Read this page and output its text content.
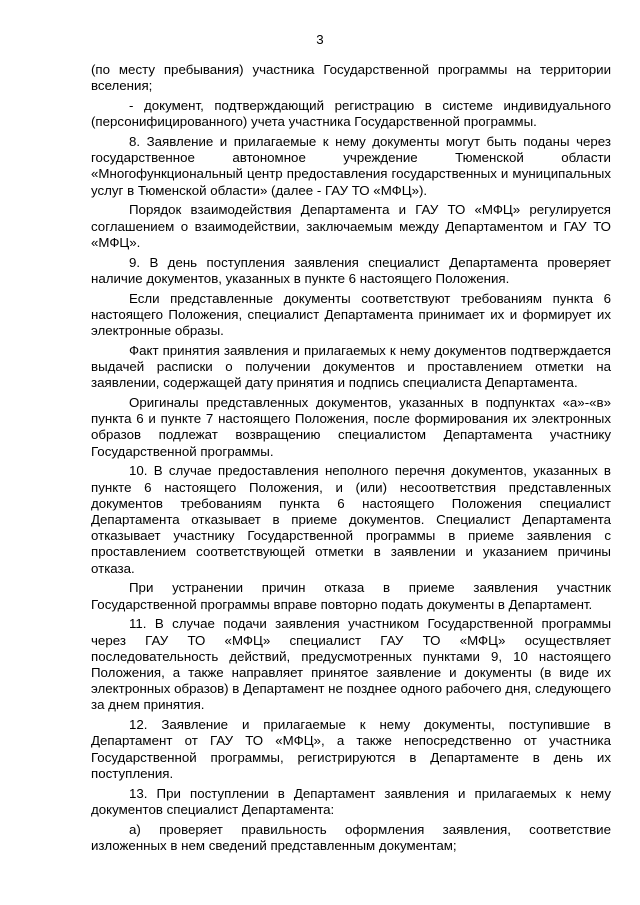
3

(по месту пребывания) участника Государственной программы на территории вселения;

- документ, подтверждающий регистрацию в системе индивидуального (персонифицированного) учета участника Государственной программы.

8. Заявление и прилагаемые к нему документы могут быть поданы через государственное автономное учреждение Тюменской области «Многофункциональный центр предоставления государственных и муниципальных услуг в Тюменской области» (далее - ГАУ ТО «МФЦ»).

Порядок взаимодействия Департамента и ГАУ ТО «МФЦ» регулируется соглашением о взаимодействии, заключаемым между Департаментом и ГАУ ТО «МФЦ».

9. В день поступления заявления специалист Департамента проверяет наличие документов, указанных в пункте 6 настоящего Положения.

Если представленные документы соответствуют требованиям пункта 6 настоящего Положения, специалист Департамента принимает их и формирует их электронные образы.

Факт принятия заявления и прилагаемых к нему документов подтверждается выдачей расписки о получении документов и проставлением отметки на заявлении, содержащей дату принятия и подпись специалиста Департамента.

Оригиналы представленных документов, указанных в подпунктах «а»-«в» пункта 6 и пункте 7 настоящего Положения, после формирования их электронных образов подлежат возвращению специалистом Департамента участнику Государственной программы.

10. В случае предоставления неполного перечня документов, указанных в пункте 6 настоящего Положения, и (или) несоответствия представленных документов требованиям пункта 6 настоящего Положения специалист Департамента отказывает в приеме документов. Специалист Департамента отказывает участнику Государственной программы в приеме заявления с проставлением соответствующей отметки в заявлении и указанием причины отказа.

При устранении причин отказа в приеме заявления участник Государственной программы вправе повторно подать документы в Департамент.

11. В случае подачи заявления участником Государственной программы через ГАУ ТО «МФЦ» специалист ГАУ ТО «МФЦ» осуществляет последовательность действий, предусмотренных пунктами 9, 10 настоящего Положения, а также направляет принятое заявление и документы (в виде их электронных образов) в Департамент не позднее одного рабочего дня, следующего за днем принятия.

12. Заявление и прилагаемые к нему документы, поступившие в Департамент от ГАУ ТО «МФЦ», а также непосредственно от участника Государственной программы, регистрируются в Департаменте в день их поступления.

13. При поступлении в Департамент заявления и прилагаемых к нему документов специалист Департамента:

а) проверяет правильность оформления заявления, соответствие изложенных в нем сведений представленным документам;
